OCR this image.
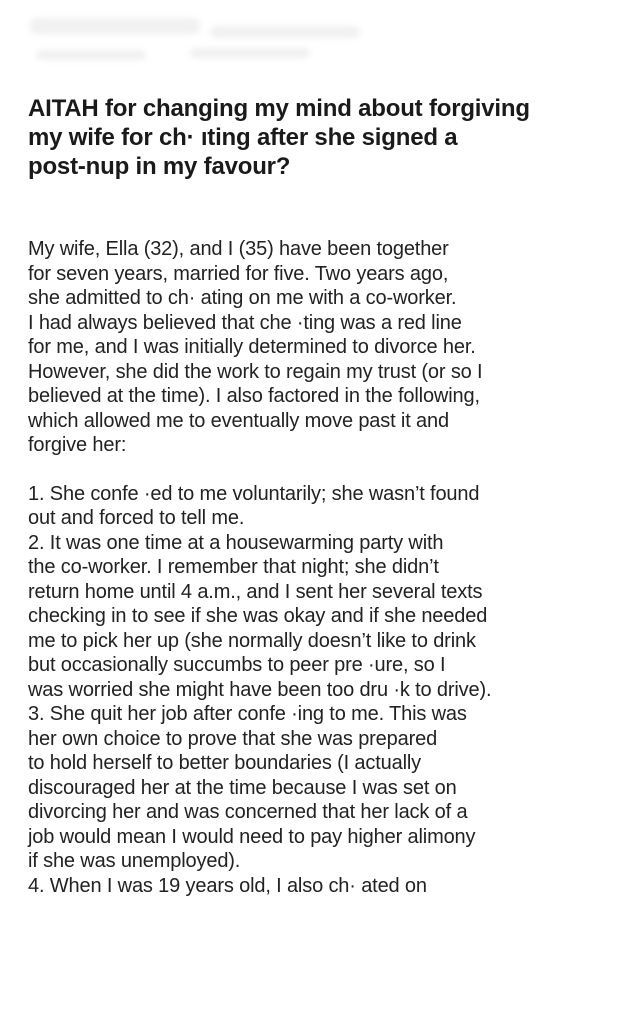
AITAH for changing my mind about forgiving
my wife for ch· ıting after she signed a
post-nup in my favour?

My wife, Ella (32), and I (35) have been together
for seven years, married for five. Two years ago,
she admitted to ch· ating on me with a co-worker.
I had always believed that che ·ting was a red line
for me, and I was initially determined to divorce her.
However, she did the work to regain my trust (or so I
believed at the time). I also factored in the following,
which allowed me to eventually move past it and
forgive her:

1. She confe ·ed to me voluntarily; she wasn’t found
out and forced to tell me.
2. It was one time at a housewarming party with
the co-worker. I remember that night; she didn’t
return home until 4 a.m., and I sent her several texts
checking in to see if she was okay and if she needed
me to pick her up (she normally doesn’t like to drink
but occasionally succumbs to peer pre ·ure, so I
was worried she might have been too dru ·k to drive).
3. She quit her job after confe ·ing to me. This was
her own choice to prove that she was prepared
to hold herself to better boundaries (I actually
discouraged her at the time because I was set on
divorcing her and was concerned that her lack of a
job would mean I would need to pay higher alimony
if she was unemployed).
4. When I was 19 years old, I also ch· ated on
